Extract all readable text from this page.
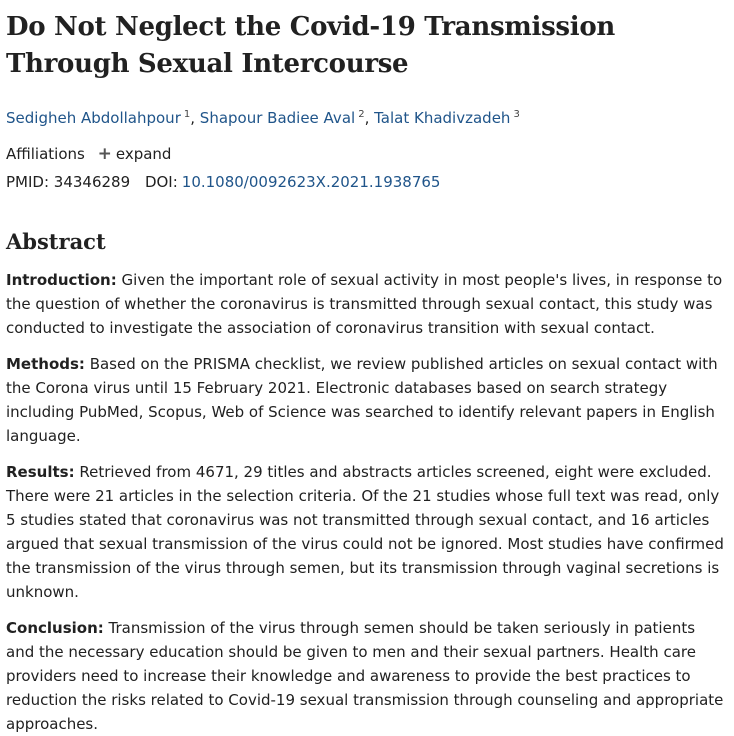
Do Not Neglect the Covid-19 Transmission Through Sexual Intercourse
Sedigheh Abdollahpour $^1$, Shapour Badiee Aval $^2$, Talat Khadivzadeh $^3$
Affiliations + expand
PMID: 34346289 DOI: 10.1080/0092623X.2021.1938765
Abstract

Introduction: Given the important role of sexual activity in most people's lives, in response to the question of whether the coronavirus is transmitted through sexual contact, this study was conducted to investigate the association of coronavirus transition with sexual contact.

Methods: Based on the PRISMA checklist, we review published articles on sexual contact with the Corona virus until 15 February 2021. Electronic databases based on search strategy including PubMed, Scopus, Web of Science was searched to identify relevant papers in English language.

Results: Retrieved from 4671, 29 titles and abstracts articles screened, eight were excluded. There were 21 articles in the selection criteria. Of the 21 studies whose full text was read, only 5 studies stated that coronavirus was not transmitted through sexual contact, and 16 articles argued that sexual transmission of the virus could not be ignored. Most studies have confirmed the transmission of the virus through semen, but its transmission through vaginal secretions is unknown.

Conclusion: Transmission of the virus through semen should be taken seriously in patients and the necessary education should be given to men and their sexual partners. Health care providers need to increase their knowledge and awareness to provide the best practices to reduction the risks related to Covid-19 sexual transmission through counseling and appropriate approaches.
